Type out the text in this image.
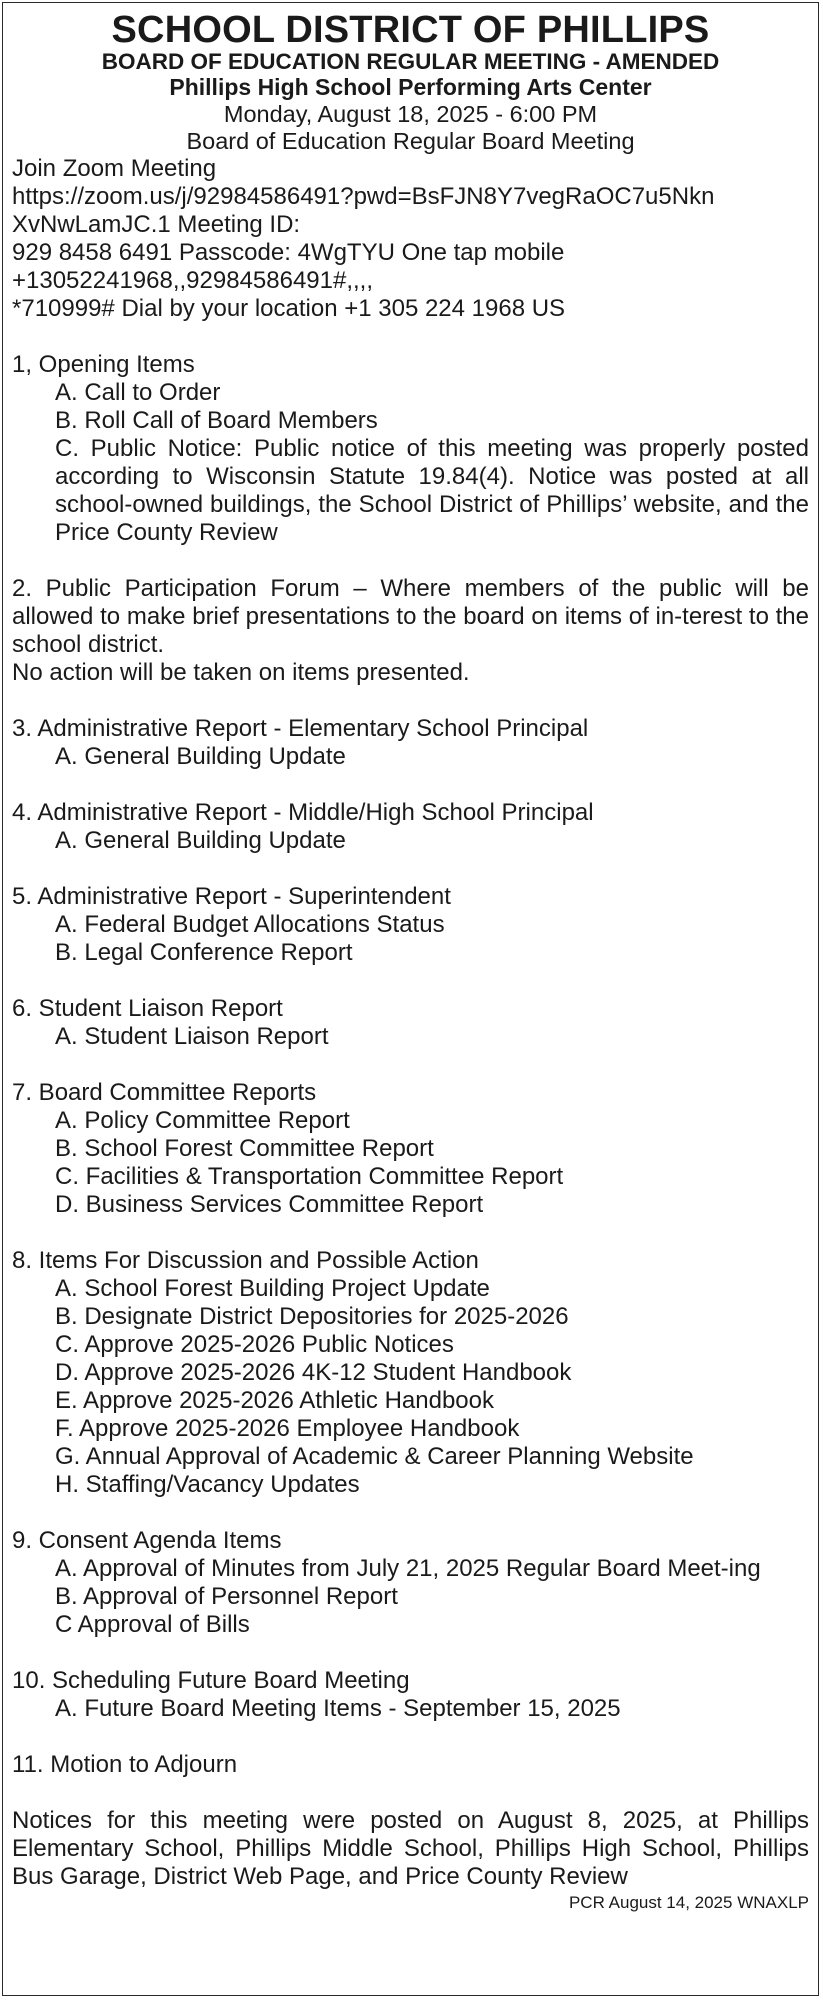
SCHOOL DISTRICT OF PHILLIPS
BOARD OF EDUCATION REGULAR MEETING - AMENDED
Phillips High School Performing Arts Center
Monday, August 18, 2025 - 6:00 PM
Board of Education Regular Board Meeting
Join Zoom Meeting
https://zoom.us/j/92984586491?pwd=BsFJN8Y7vegRaOC7u5Nkn
XvNwLamJC.1 Meeting ID:
929 8458 6491 Passcode: 4WgTYU One tap mobile
+13052241968,,92984586491#,,,,
*710999# Dial by your location +1 305 224 1968 US
1, Opening Items
A. Call to Order
B. Roll Call of Board Members
C. Public Notice: Public notice of this meeting was properly posted according to Wisconsin Statute 19.84(4). Notice was posted at all school-owned buildings, the School District of Phillips’ website, and the Price County Review
2. Public Participation Forum – Where members of the public will be allowed to make brief presentations to the board on items of in-terest to the school district.
No action will be taken on items presented.
3. Administrative Report - Elementary School Principal
A. General Building Update
4. Administrative Report - Middle/High School Principal
A. General Building Update
5. Administrative Report - Superintendent
A. Federal Budget Allocations Status
B. Legal Conference Report
6. Student Liaison Report
A. Student Liaison Report
7. Board Committee Reports
A. Policy Committee Report
B. School Forest Committee Report
C. Facilities & Transportation Committee Report
D. Business Services Committee Report
8. Items For Discussion and Possible Action
A. School Forest Building Project Update
B. Designate District Depositories for 2025-2026
C. Approve 2025-2026 Public Notices
D. Approve 2025-2026 4K-12 Student Handbook
E. Approve 2025-2026 Athletic Handbook
F. Approve 2025-2026 Employee Handbook
G. Annual Approval of Academic & Career Planning Website
H. Staffing/Vacancy Updates
9. Consent Agenda Items
A. Approval of Minutes from July 21, 2025 Regular Board Meet-ing
B. Approval of Personnel Report
C Approval of Bills
10. Scheduling Future Board Meeting
A. Future Board Meeting Items - September 15, 2025
11. Motion to Adjourn
Notices for this meeting were posted on August 8, 2025, at Phillips Elementary School, Phillips Middle School, Phillips High School, Phillips Bus Garage, District Web Page, and Price County Review
PCR August 14, 2025 WNAXLP
